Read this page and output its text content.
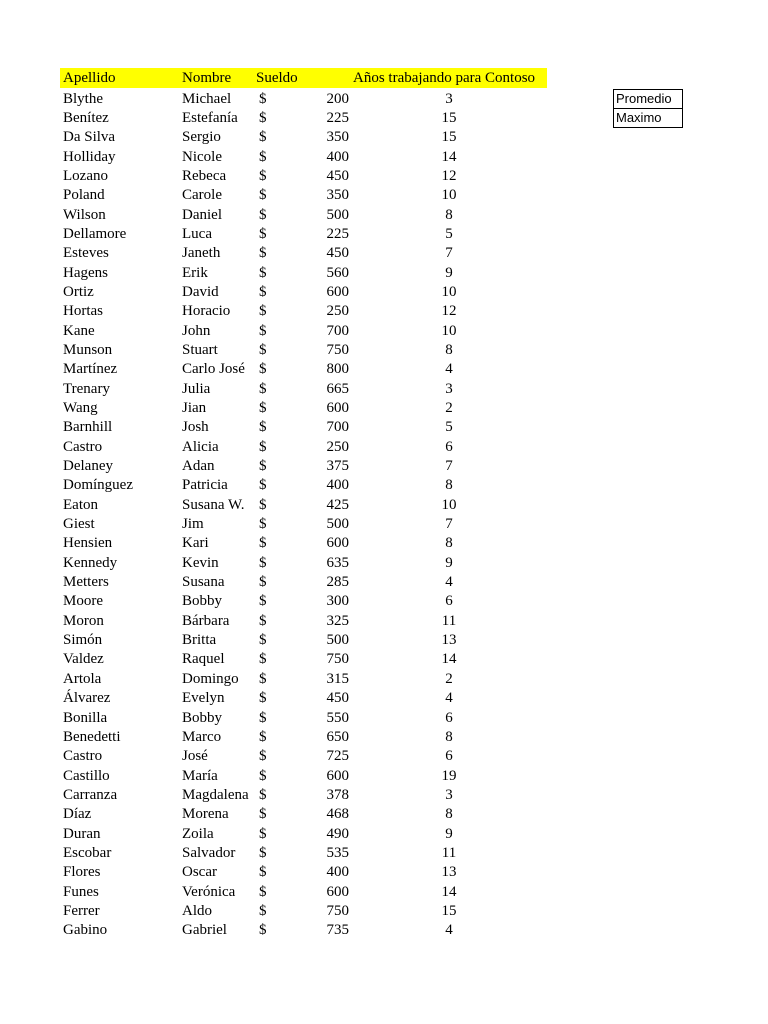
Apellido	Nombre Sueldo	Años trabajando para Contoso
Blythe	Michael $	200	3
Benítez	Estefanía $	225	15
Da Silva	Sergio	$	350	15
Holliday	Nicole $	400	14
Lozano	Rebeca $	450	12
Poland	Carole $	350	10
Wilson	Daniel $	500	8
Dellamore	Luca	$	225	5
Esteves	Janeth	$	450	7
Hagens	Erik	$	560	9
Ortiz	David	$	600	10
Hortas	Horacio $	250	12
Kane	John	$	700	10
Munson	Stuart	$	750	8
Martínez	Carlo José $	800	4
Trenary	Julia	$	665	3
Wang	Jian	$	600	2
Barnhill	Josh	$	700	5
Castro	Alicia	$	250	6
Delaney	Adan	$	375	7
Domínguez	Patricia $	400	8
Eaton	Susana W. $	425	10
Giest	Jim	$	500	7
Hensien	Kari	$	600	8
Kennedy	Kevin	$	635	9
Metters	Susana $	285	4
Moore	Bobby $	300	6
Moron	Bárbara $	325	11
Simón	Britta	$	500	13
Valdez	Raquel $	750	14
Artola	Domingo $	315	2
Álvarez	Evelyn $	450	4
Bonilla	Bobby $	550	6
Benedetti	Marco	$	650	8
Castro	José	$	725	6
Castillo	María	$	600	19
Carranza	Magdalena $	378	3
Díaz	Morena $	468	8
Duran	Zoila	$	490	9
Escobar	Salvador $	535	11
Flores	Oscar	$	400	13
Funes	Verónica $	600	14
Ferrer	Aldo	$	750	15
Gabino	Gabriel $	735	4
Promedio
Maximo
